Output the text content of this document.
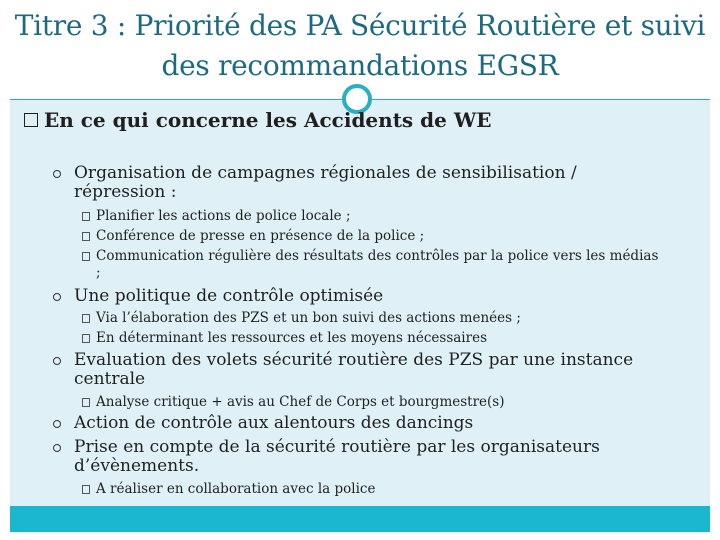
Titre 3 : Priorité des PA Sécurité Routière et suivi des recommandations EGSR
En ce qui concerne les Accidents de WE
Organisation de campagnes régionales de sensibilisation / répression :
Planifier les actions de police locale ;
Conférence de presse en présence de la police ;
Communication régulière des résultats des contrôles par la police vers les médias ;
Une politique de contrôle optimisée
Via l’élaboration des PZS et un bon suivi des actions menées ;
En déterminant les ressources et les moyens nécessaires
Evaluation des volets sécurité routière des PZS par une instance centrale
Analyse critique + avis au Chef de Corps et bourgmestre(s)
Action de contrôle aux alentours des dancings
Prise en compte de la sécurité routière par les organisateurs d’évènements.
A réaliser en collaboration avec la police
